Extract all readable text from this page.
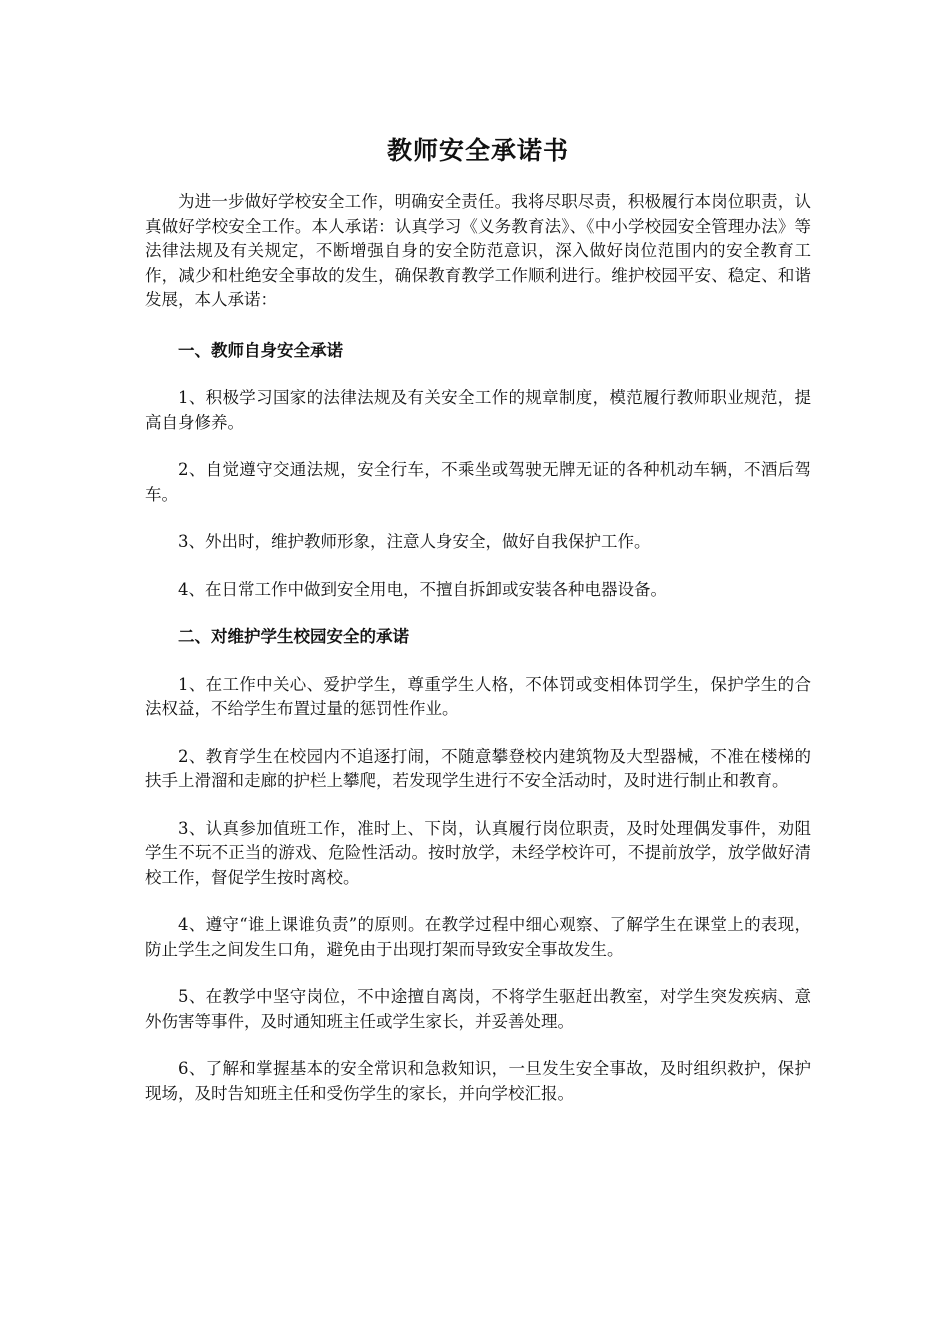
教师安全承诺书

为进一步做好学校安全工作，明确安全责任。我将尽职尽责，积极履行本岗位职责，认真做好学校安全工作。本人承诺：认真学习《义务教育法》、《中小学校园安全管理办法》等法律法规及有关规定，不断增强自身的安全防范意识，深入做好岗位范围内的安全教育工作，减少和杜绝安全事故的发生，确保教育教学工作顺利进行。维护校园平安、稳定、和谐发展，本人承诺：

一、教师自身安全承诺

1、积极学习国家的法律法规及有关安全工作的规章制度，模范履行教师职业规范，提高自身修养。

2、自觉遵守交通法规，安全行车，不乘坐或驾驶无牌无证的各种机动车辆，不酒后驾车。

3、外出时，维护教师形象，注意人身安全，做好自我保护工作。

4、在日常工作中做到安全用电，不擅自拆卸或安装各种电器设备。

二、对维护学生校园安全的承诺

1、在工作中关心、爱护学生，尊重学生人格，不体罚或变相体罚学生，保护学生的合法权益，不给学生布置过量的惩罚性作业。

2、教育学生在校园内不追逐打闹，不随意攀登校内建筑物及大型器械，不准在楼梯的扶手上滑溜和走廊的护栏上攀爬，若发现学生进行不安全活动时，及时进行制止和教育。

3、认真参加值班工作，准时上、下岗，认真履行岗位职责，及时处理偶发事件，劝阻学生不玩不正当的游戏、危险性活动。按时放学，未经学校许可，不提前放学，放学做好清校工作，督促学生按时离校。

4、遵守“谁上课谁负责”的原则。在教学过程中细心观察、了解学生在课堂上的表现，防止学生之间发生口角，避免由于出现打架而导致安全事故发生。

5、在教学中坚守岗位，不中途擅自离岗，不将学生驱赶出教室，对学生突发疾病、意外伤害等事件，及时通知班主任或学生家长，并妥善处理。

6、了解和掌握基本的安全常识和急救知识，一旦发生安全事故，及时组织救护，保护现场，及时告知班主任和受伤学生的家长，并向学校汇报。
